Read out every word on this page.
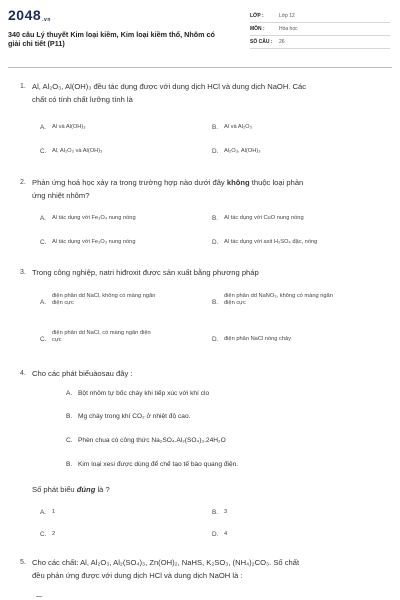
2048.vn
340 câu Lý thuyết Kim loại kiềm, Kim loại kiềm thổ, Nhôm có giải chi tiết (P11)
LỚP :	Lớp 12
MÔN :	Hóa học
SỐ CÂU :	26
1. Al, Al₂O₃, Al(OH)₃ đều tác dụng được với dung dịch HCl và dung dịch NaOH. Các
chất có tính chất lưỡng tính là
A. Al và Al(OH)₃	B. Al và Al₂O₃
C. Al, Al₂O₃ và Al(OH)₃	D. Al₂O₃, Al(OH)₃
2. Phản ứng hoá học xảy ra trong trường hợp nào dưới đây không thuộc loại phản
ứng nhiệt nhôm?
A. Al tác dụng với Fe₃O₄ nung nóng	B. Al tác dụng với CuO nung nóng
C. Al tác dụng với Fe₂O₃ nung nóng	D. Al tác dụng với axit H₂SO₄ đặc, nóng
3. Trong công nghiệp, natri hiđroxit được sản xuất bằng phương pháp
A.
điện phân dd NaCl, không có màng ngăn
điện cực	B.
điện phân dd NaNO₃, không có màng ngăn
điện cực
C.
điện phân dd NaCl, có màng ngăn điện
cực	D. điện phân NaCl nóng chảy
4. Cho các phát biểuàosau đây :
A. Bột nhôm tự bốc cháy khi tiếp xúc với khí clo
B. Mg cháy trong khí CO₂ ở nhiệt độ cao.
C. Phèn chua có công thức Na₂SO₄.Al₂(SO₄)₃.24H₂O
B. Kim loại xesi được dùng để chế tạo tế bào quang điện.
Số phát biểu đúng là ?
A. 1	B. 3
C. 2	D. 4
5. Cho các chất: Al, Al₂O₃, Al₂(SO₄)₃, Zn(OH)₂, NaHS, K₂SO₃, (NH₄)₂CO₃. Số chất
đều phản ứng được với dung dịch HCl và dung dịch NaOH là :
